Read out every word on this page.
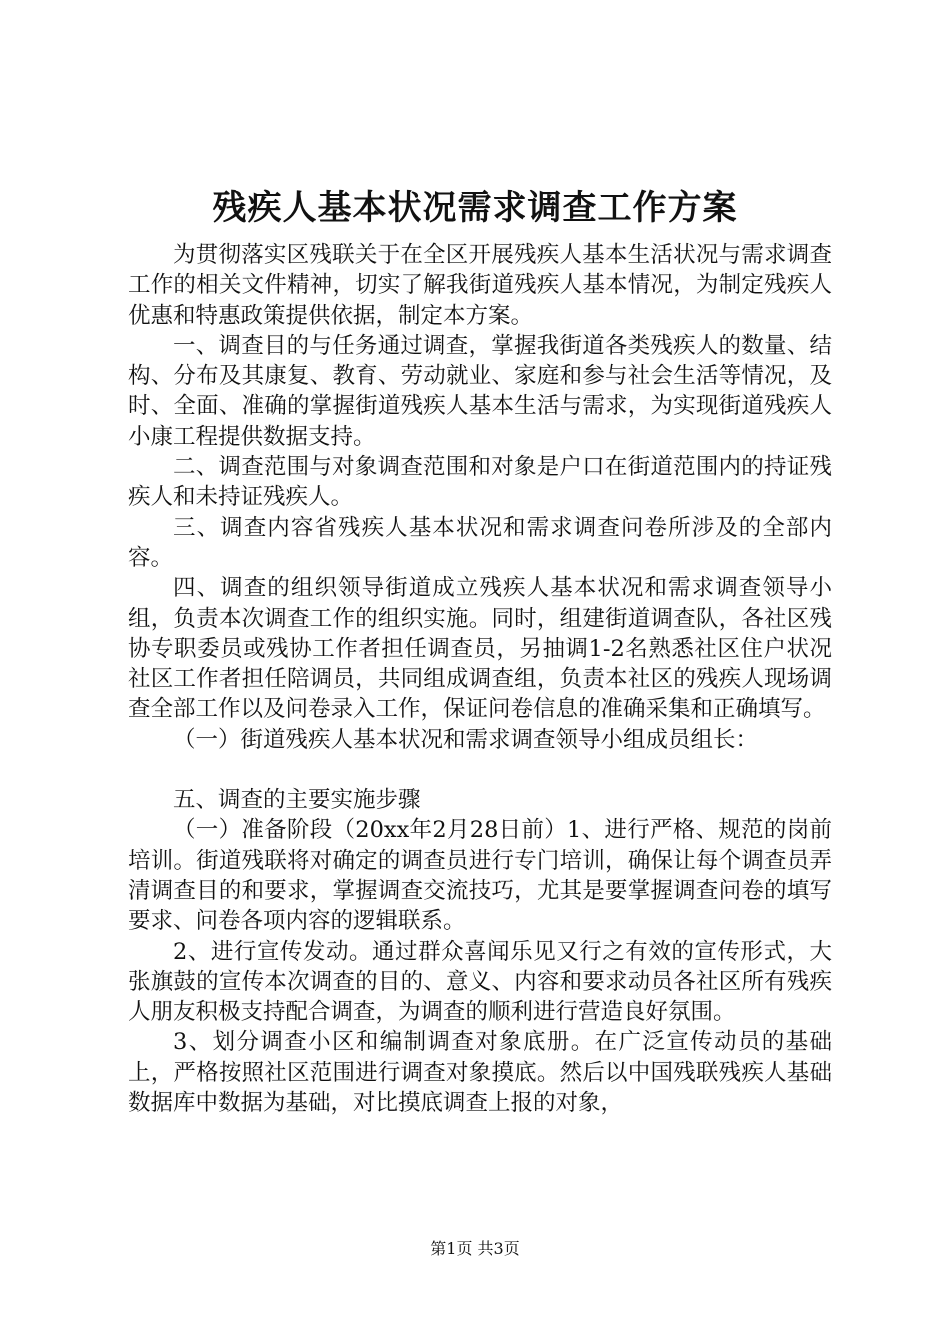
残疾人基本状况需求调查工作方案

为贯彻落实区残联关于在全区开展残疾人基本生活状况与需求调查工作的相关文件精神，切实了解我街道残疾人基本情况，为制定残疾人优惠和特惠政策提供依据，制定本方案。

一、调查目的与任务通过调查，掌握我街道各类残疾人的数量、结构、分布及其康复、教育、劳动就业、家庭和参与社会生活等情况，及时、全面、准确的掌握街道残疾人基本生活与需求，为实现街道残疾人小康工程提供数据支持。

二、调查范围与对象调查范围和对象是户口在街道范围内的持证残疾人和未持证残疾人。

三、调查内容省残疾人基本状况和需求调查问卷所涉及的全部内容。

四、调查的组织领导街道成立残疾人基本状况和需求调查领导小组，负责本次调查工作的组织实施。同时，组建街道调查队，各社区残协专职委员或残协工作者担任调查员，另抽调1-2名熟悉社区住户状况社区工作者担任陪调员，共同组成调查组，负责本社区的残疾人现场调查全部工作以及问卷录入工作，保证问卷信息的准确采集和正确填写。

（一）街道残疾人基本状况和需求调查领导小组成员组长：

五、调查的主要实施步骤

（一）准备阶段（20xx年2月28日前）1、进行严格、规范的岗前培训。街道残联将对确定的调查员进行专门培训，确保让每个调查员弄清调查目的和要求，掌握调查交流技巧，尤其是要掌握调查问卷的填写要求、问卷各项内容的逻辑联系。

2、进行宣传发动。通过群众喜闻乐见又行之有效的宣传形式，大张旗鼓的宣传本次调查的目的、意义、内容和要求动员各社区所有残疾人朋友积极支持配合调查，为调查的顺利进行营造良好氛围。

3、划分调查小区和编制调查对象底册。在广泛宣传动员的基础上，严格按照社区范围进行调查对象摸底。然后以中国残联残疾人基础数据库中数据为基础，对比摸底调查上报的对象，

第1页 共3页
